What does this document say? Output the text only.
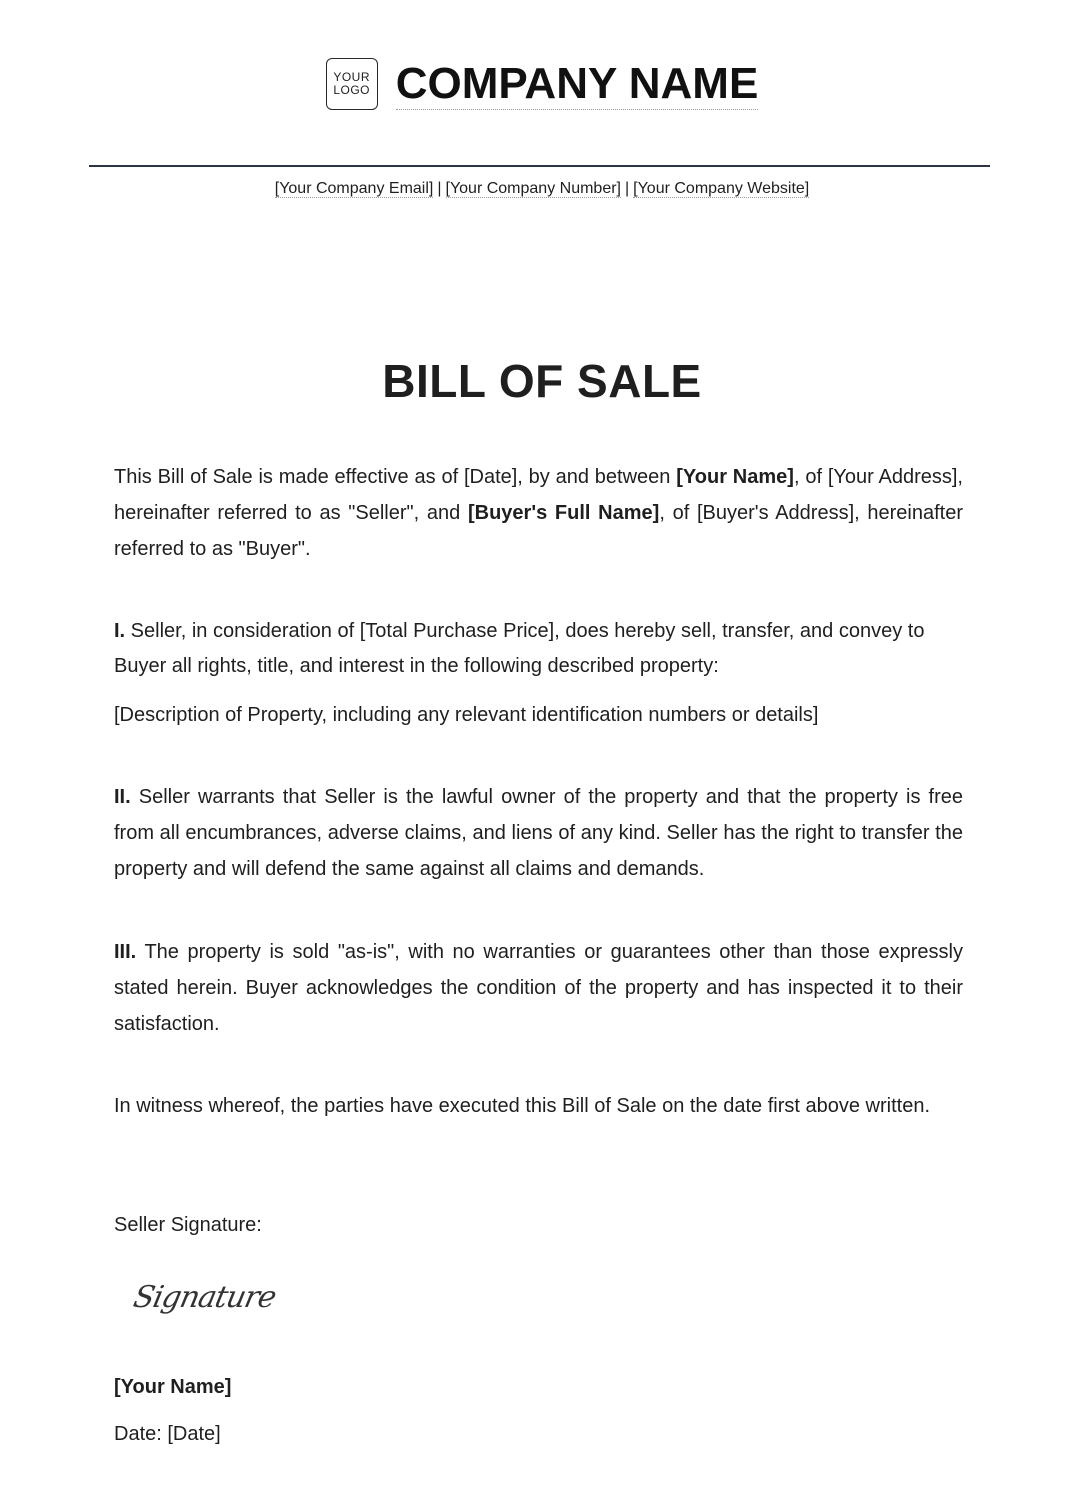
YOUR
LOGO COMPANY NAME
[Your Company Email] | [Your Company Number] | [Your Company Website]
BILL OF SALE
This Bill of Sale is made effective as of [Date], by and between [Your Name], of [Your Address], hereinafter referred to as "Seller", and [Buyer's Full Name], of [Buyer's Address], hereinafter referred to as "Buyer".
I. Seller, in consideration of [Total Purchase Price], does hereby sell, transfer, and convey to Buyer all rights, title, and interest in the following described property:
[Description of Property, including any relevant identification numbers or details]
II. Seller warrants that Seller is the lawful owner of the property and that the property is free from all encumbrances, adverse claims, and liens of any kind. Seller has the right to transfer the property and will defend the same against all claims and demands.
III. The property is sold "as-is", with no warranties or guarantees other than those expressly stated herein. Buyer acknowledges the condition of the property and has inspected it to their satisfaction.
In witness whereof, the parties have executed this Bill of Sale on the date first above written.
Seller Signature:
Signature
[Your Name]
Date: [Date]
